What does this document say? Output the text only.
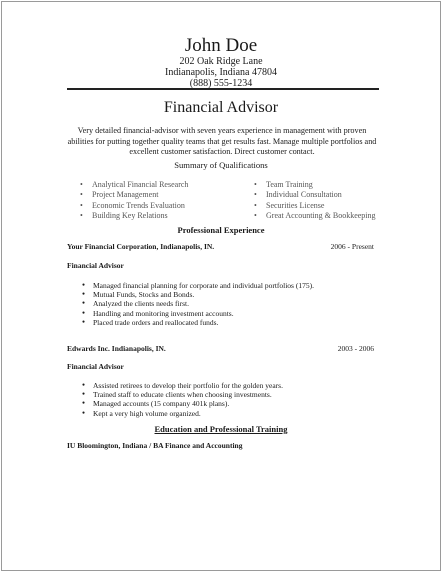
John Doe
202 Oak Ridge Lane
Indianapolis, Indiana 47804
(888) 555-1234
Financial Advisor
Very detailed financial-advisor with seven years experience in management with proven abilities for putting together quality teams that get results fast. Manage multiple portfolios and excellent customer satisfaction. Direct customer contact.
Summary of Qualifications
• Analytical Financial Research
• Project Management
• Economic Trends Evaluation
• Building Key Relations
• Team Training
• Individual Consultation
• Securities License
• Great Accounting & Bookkeeping
Professional Experience
Your Financial Corporation, Indianapolis, IN.	2006 - Present
Financial Advisor
● Managed financial planning for corporate and individual portfolios (175).
● Mutual Funds, Stocks and Bonds.
● Analyzed the clients needs first.
● Handling and monitoring investment accounts.
● Placed trade orders and reallocated funds.
Edwards Inc. Indianapolis, IN.	2003 - 2006
Financial Advisor
● Assisted retirees to develop their portfolio for the golden years.
● Trained staff to educate clients when choosing investments.
● Managed accounts (15 company 401k plans).
● Kept a very high volume organized.
Education and Professional Training
IU Bloomington, Indiana / BA Finance and Accounting
